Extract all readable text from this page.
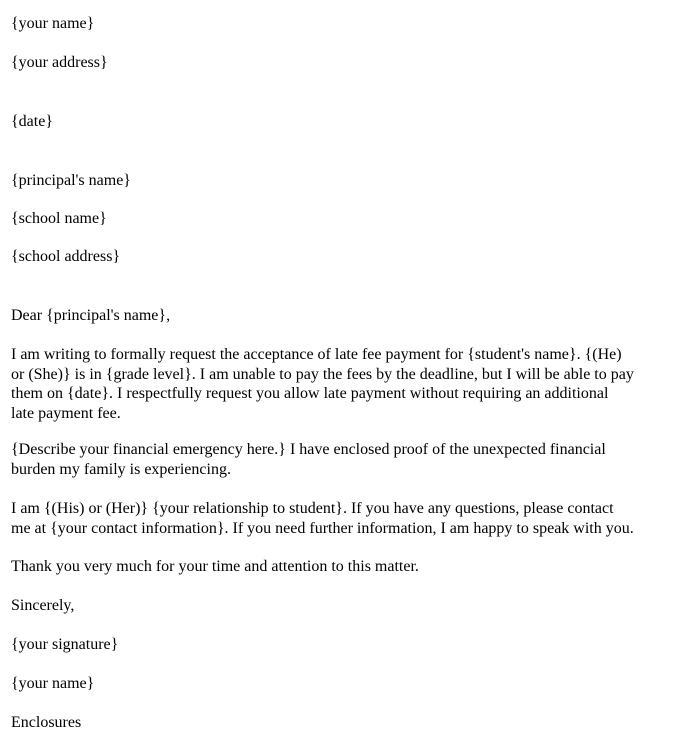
{your name}
{your address}
{date}
{principal's name}
{school name}
{school address}
Dear {principal's name},
I am writing to formally request the acceptance of late fee payment for {student's name}. {(He)
or (She)} is in {grade level}. I am unable to pay the fees by the deadline, but I will be able to pay
them on {date}. I respectfully request you allow late payment without requiring an additional
late payment fee.
{Describe your financial emergency here.} I have enclosed proof of the unexpected financial
burden my family is experiencing.
I am {(His) or (Her)} {your relationship to student}. If you have any questions, please contact
me at {your contact information}. If you need further information, I am happy to speak with you.
Thank you very much for your time and attention to this matter.
Sincerely,
{your signature}
{your name}
Enclosures
